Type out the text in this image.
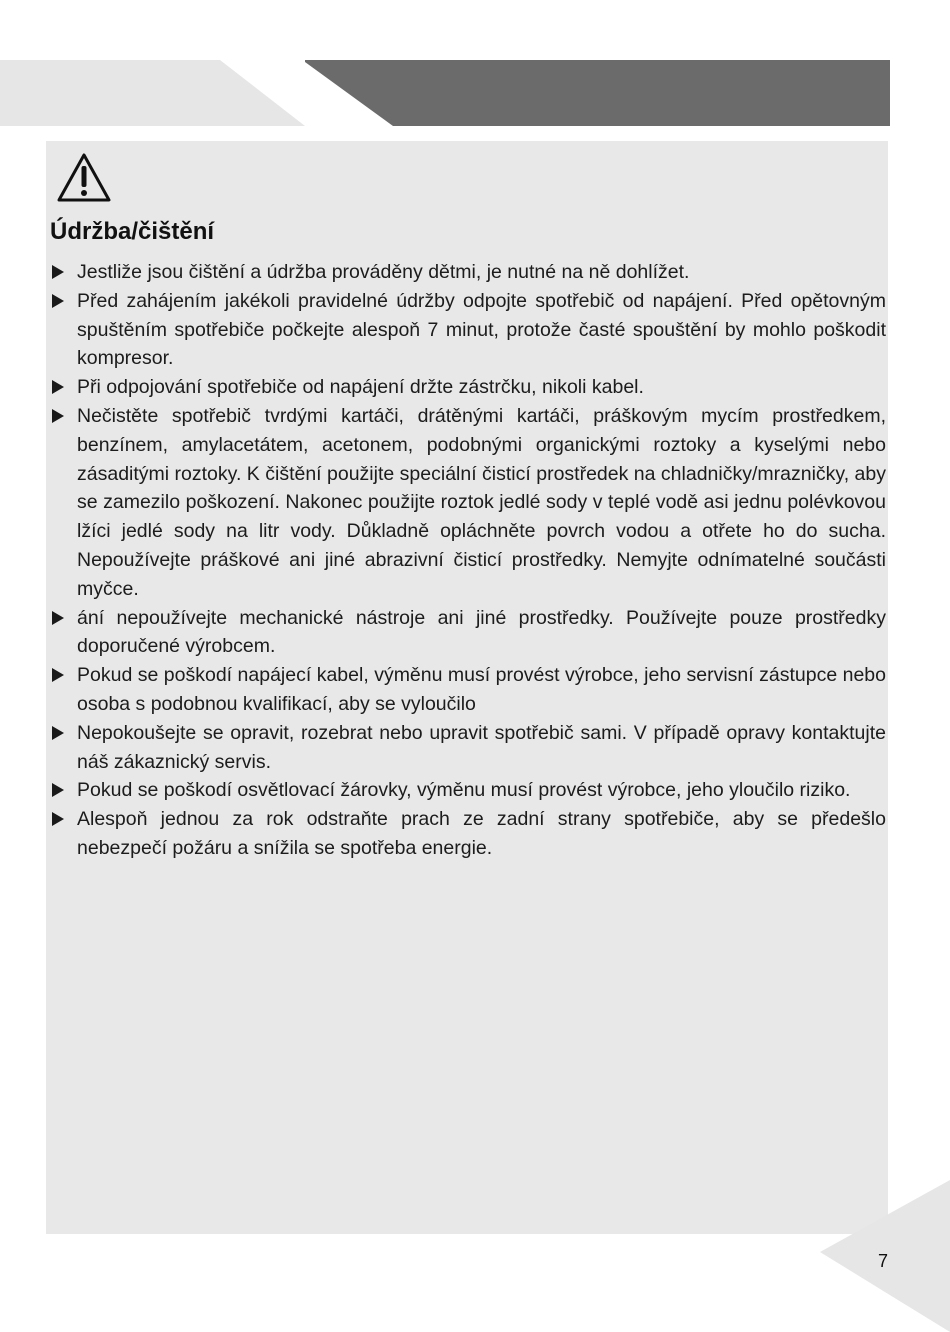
Údržba/čištění
Jestliže jsou čištění a údržba prováděny dětmi, je nutné na ně dohlížet.
Před zahájením jakékoli pravidelné údržby odpojte spotřebič od napájení. Před opětovným spuštěním spotřebiče počkejte alespoň 7 minut, protože časté spouštění by mohlo poškodit kompresor.
Při odpojování spotřebiče od napájení držte zástrčku, nikoli kabel.
Nečistěte spotřebič tvrdými kartáči, drátěnými kartáči, práškovým mycím prostředkem, benzínem, amylacetátem, acetonem, podobnými organickými roztoky a kyselými nebo zásaditými roztoky. K čištění použijte speciální čisticí prostředek na chladničky/mrazničky, aby se zamezilo poškození. Nakonec použijte roztok jedlé sody v teplé vodě asi jednu polévkovou lžíci jedlé sody na litr vody. Důkladně opláchněte povrch vodou a otřete ho do sucha. Nepoužívejte práškové ani jiné abrazivní čisticí prostředky. Nemyjte odnímatelné součásti myčce.
ání nepoužívejte mechanické nástroje ani jiné prostředky. Používejte pouze prostředky doporučené výrobcem.
Pokud se poškodí napájecí kabel, výměnu musí provést výrobce, jeho servisní zástupce nebo osoba s podobnou kvalifikací, aby se vyloučilo
Nepokoušejte se opravit, rozebrat nebo upravit spotřebič sami. V případě opravy kontaktujte náš zákaznický servis.
Pokud se poškodí osvětlovací žárovky, výměnu musí provést výrobce, jeho yloučilo riziko.
Alespoň jednou za rok odstraňte prach ze zadní strany spotřebiče, aby se předešlo nebezpečí požáru a snížila se spotřeba energie.
7
